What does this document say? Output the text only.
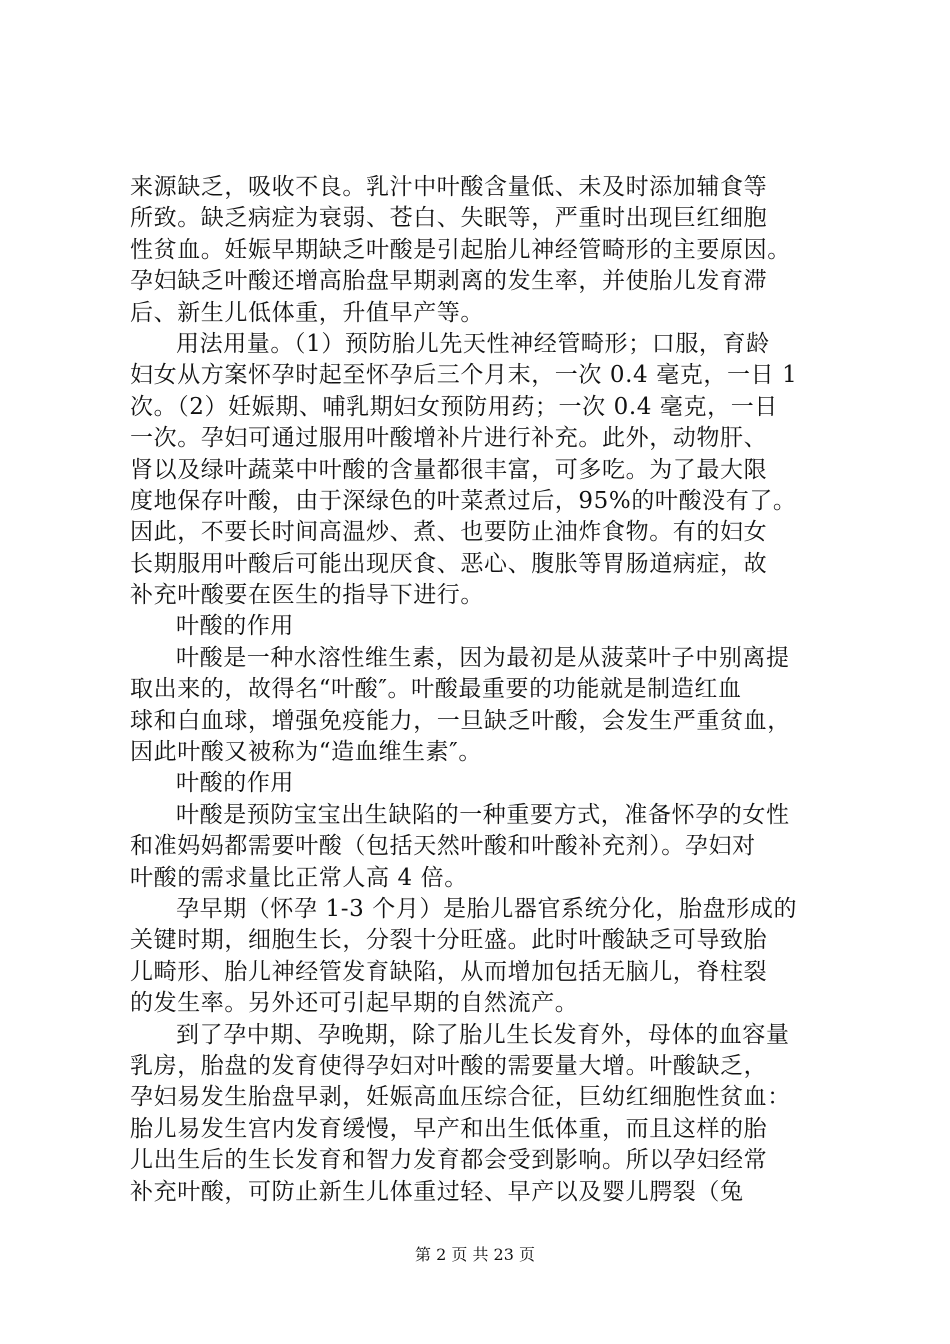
来源缺乏，吸收不良。乳汁中叶酸含量低、未及时添加辅食等
所致。缺乏病症为衰弱、苍白、失眠等，严重时出现巨红细胞
性贫血。妊娠早期缺乏叶酸是引起胎儿神经管畸形的主要原因。
孕妇缺乏叶酸还增高胎盘早期剥离的发生率，并使胎儿发育滞
后、新生儿低体重，升值早产等。
用法用量。（1）预防胎儿先天性神经管畸形；口服，育龄
妇女从方案怀孕时起至怀孕后三个月末，一次 0.4 毫克，一日 1
次。（2）妊娠期、哺乳期妇女预防用药；一次 0.4 毫克，一日
一次。孕妇可通过服用叶酸增补片进行补充。此外，动物肝、
肾以及绿叶蔬菜中叶酸的含量都很丰富，可多吃。为了最大限
度地保存叶酸，由于深绿色的叶菜煮过后，95%的叶酸没有了。
因此，不要长时间高温炒、煮、也要防止油炸食物。有的妇女
长期服用叶酸后可能出现厌食、恶心、腹胀等胃肠道病症，故
补充叶酸要在医生的指导下进行。
叶酸的作用
叶酸是一种水溶性维生素，因为最初是从菠菜叶子中别离提
取出来的，故得名“叶酸″。叶酸最重要的功能就是制造红血
球和白血球，增强免疫能力，一旦缺乏叶酸，会发生严重贫血，
因此叶酸又被称为“造血维生素″。
叶酸的作用
叶酸是预防宝宝出生缺陷的一种重要方式，准备怀孕的女性
和准妈妈都需要叶酸（包括天然叶酸和叶酸补充剂）。孕妇对
叶酸的需求量比正常人高 4 倍。
孕早期（怀孕 1-3 个月）是胎儿器官系统分化，胎盘形成的
关键时期，细胞生长，分裂十分旺盛。此时叶酸缺乏可导致胎
儿畸形、胎儿神经管发育缺陷，从而增加包括无脑儿，脊柱裂
的发生率。另外还可引起早期的自然流产。
到了孕中期、孕晚期，除了胎儿生长发育外，母体的血容量
乳房，胎盘的发育使得孕妇对叶酸的需要量大增。叶酸缺乏，
孕妇易发生胎盘早剥，妊娠高血压综合征，巨幼红细胞性贫血：
胎儿易发生宫内发育缓慢，早产和出生低体重，而且这样的胎
儿出生后的生长发育和智力发育都会受到影响。所以孕妇经常
补充叶酸，可防止新生儿体重过轻、早产以及婴儿腭裂（兔
第 2 页 共 23 页
